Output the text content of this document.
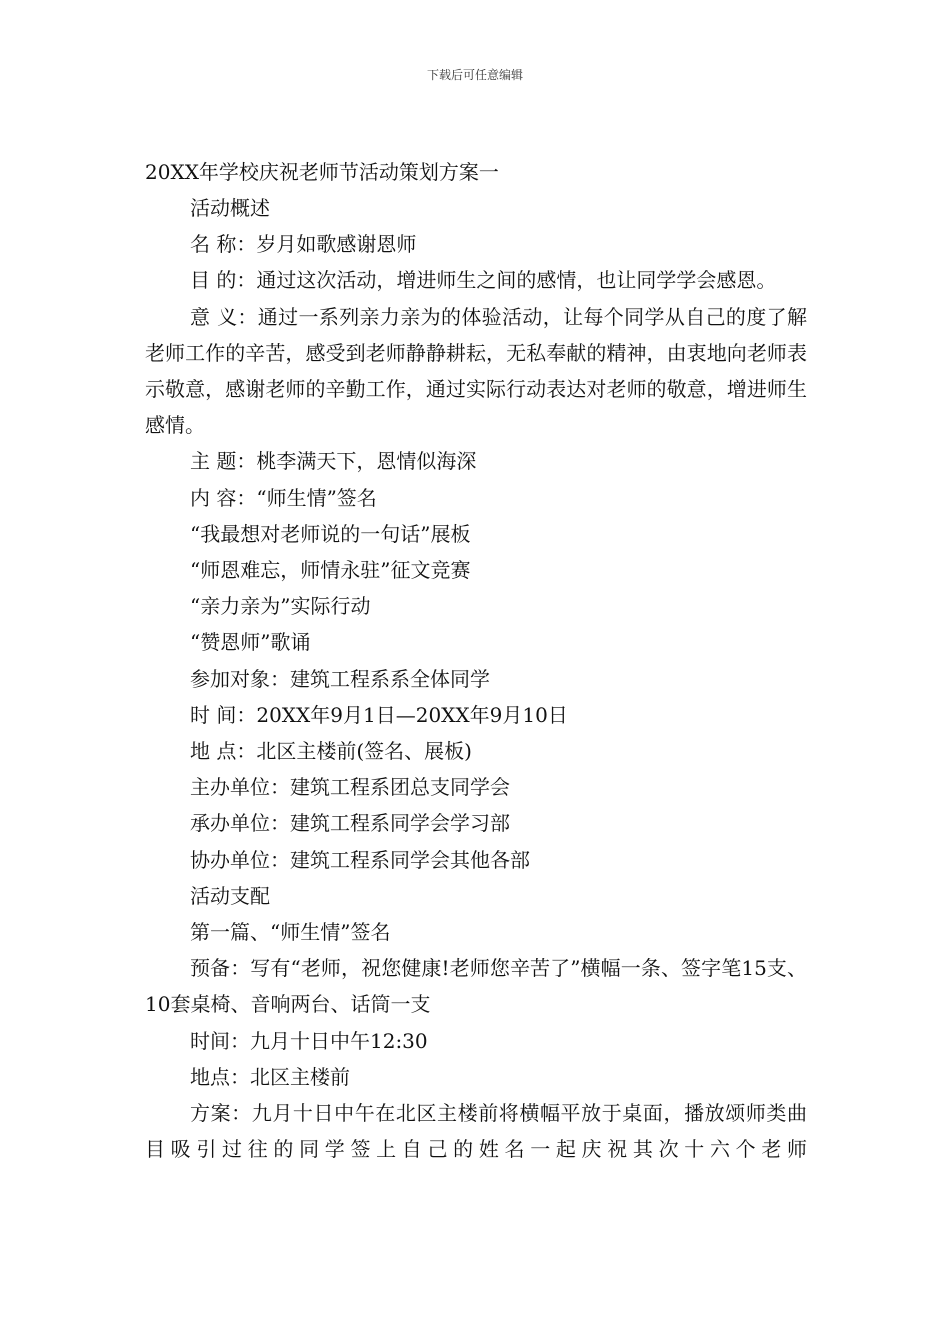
下载后可任意编辑
20XX年学校庆祝老师节活动策划方案一

活动概述

名 称：岁月如歌感谢恩师

目 的：通过这次活动，增进师生之间的感情，也让同学学会感恩。

意 义：通过一系列亲力亲为的体验活动，让每个同学从自己的度了解老师工作的辛苦，感受到老师静静耕耘，无私奉献的精神，由衷地向老师表示敬意，感谢老师的辛勤工作，通过实际行动表达对老师的敬意，增进师生感情。

主 题：桃李满天下，恩情似海深

内 容：“师生情”签名

“我最想对老师说的一句话”展板

“师恩难忘，师情永驻”征文竞赛

“亲力亲为”实际行动

“赞恩师”歌诵

参加对象：建筑工程系系全体同学

时 间：20XX年9月1日—20XX年9月10日

地 点：北区主楼前(签名、展板)

主办单位：建筑工程系团总支同学会

承办单位：建筑工程系同学会学习部

协办单位：建筑工程系同学会其他各部

活动支配

第一篇、“师生情”签名

预备：写有“老师，祝您健康!老师您辛苦了”横幅一条、签字笔15支、10套桌椅、音响两台、话筒一支

时间：九月十日中午12:30

地点：北区主楼前

方案：九月十日中午在北区主楼前将横幅平放于桌面，播放颂师类曲目吸引过往的同学签上自己的姓名一起庆祝其次十六个老师
